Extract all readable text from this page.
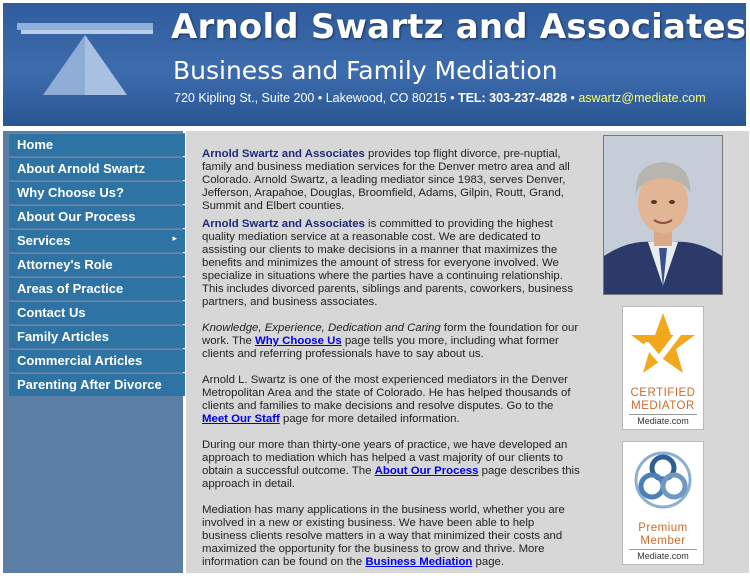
Arnold Swartz and Associates
Business and Family Mediation
720 Kipling St., Suite 200 • Lakewood, CO 80215 • TEL: 303-237-4828 • aswartz@mediate.com
Home
About Arnold Swartz
Why Choose Us?
About Our Process
Services	▸
Attorney's Role
Areas of Practice
Contact Us
Family Articles
Commercial Articles
Parenting After Divorce

Arnold Swartz and Associates provides top flight divorce, pre-nuptial, family and business mediation services for the Denver metro area and all Colorado. Arnold Swartz, a leading mediator since 1983, serves Denver, Jefferson, Arapahoe, Douglas, Broomfield, Adams, Gilpin, Routt, Grand, Summit and Elbert counties.

Arnold Swartz and Associates is committed to providing the highest quality mediation service at a reasonable cost. We are dedicated to assisting our clients to make decisions in a manner that maximizes the benefits and minimizes the amount of stress for everyone involved. We specialize in situations where the parties have a continuing relationship. This includes divorced parents, siblings and parents, coworkers, business partners, and business associates.

Knowledge, Experience, Dedication and Caring form the foundation for our work. The Why Choose Us page tells you more, including what former clients and referring professionals have to say about us.

Arnold L. Swartz is one of the most experienced mediators in the Denver Metropolitan Area and the state of Colorado. He has helped thousands of clients and families to make decisions and resolve disputes. Go to the Meet Our Staff page for more detailed information.

During our more than thirty-one years of practice, we have developed an approach to mediation which has helped a vast majority of our clients to obtain a successful outcome. The About Our Process page describes this approach in detail.

Mediation has many applications in the business world, whether you are involved in a new or existing business. We have been able to help business clients resolve matters in a way that minimized their costs and maximized the opportunity for the business to grow and thrive. More information can be found on the Business Mediation page.

CERTIFIED
MEDIATOR
Mediate.com
Premium
Member
Mediate.com
